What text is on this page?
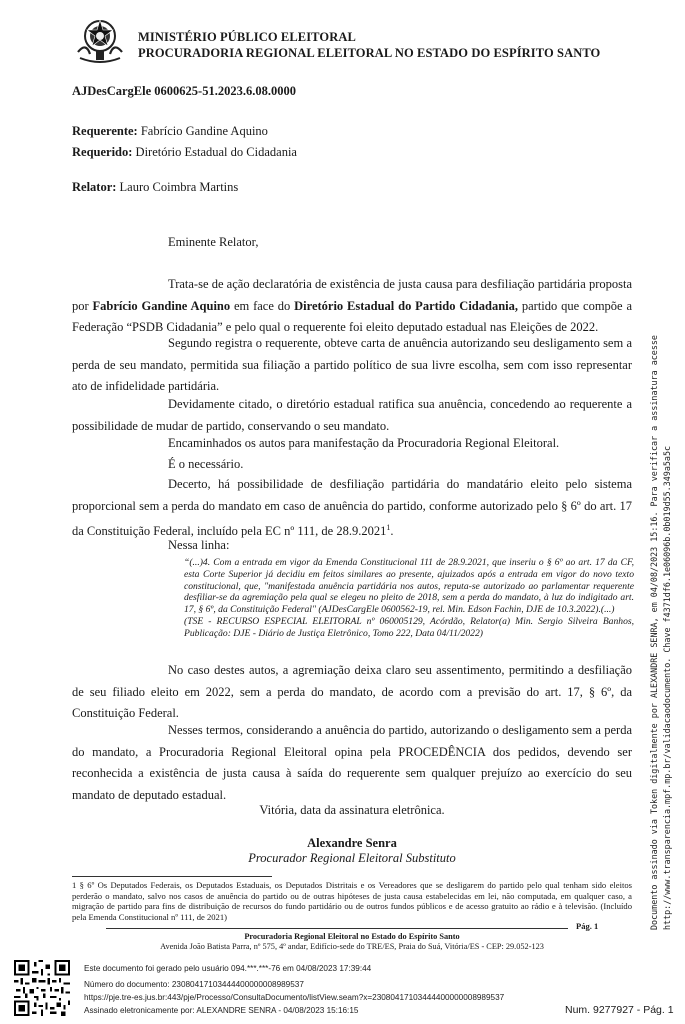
MINISTÉRIO PÚBLICO ELEITORAL
PROCURADORIA REGIONAL ELEITORAL NO ESTADO DO ESPÍRITO SANTO
AJDesCargEle 0600625-51.2023.6.08.0000
Requerente: Fabrício Gandine Aquino
Requerido: Diretório Estadual do Cidadania
Relator: Lauro Coimbra Martins
Eminente Relator,
Trata-se de ação declaratória de existência de justa causa para desfiliação partidária proposta por Fabrício Gandine Aquino em face do Diretório Estadual do Partido Cidadania, partido que compõe a Federação “PSDB Cidadania” e pelo qual o requerente foi eleito deputado estadual nas Eleições de 2022.
Segundo registra o requerente, obteve carta de anuência autorizando seu desligamento sem a perda de seu mandato, permitida sua filiação a partido político de sua livre escolha, sem com isso representar ato de infidelidade partidária.
Devidamente citado, o diretório estadual ratifica sua anuência, concedendo ao requerente a possibilidade de mudar de partido, conservando o seu mandato.
Encaminhados os autos para manifestação da Procuradoria Regional Eleitoral.
É o necessário.
Decerto, há possibilidade de desfiliação partidária do mandatário eleito pelo sistema proporcional sem a perda do mandato em caso de anuência do partido, conforme autorizado pelo § 6º do art. 17 da Constituição Federal, incluído pela EC nº 111, de 28.9.2021$^1$.
Nessa linha:
“(...)4. Com a entrada em vigor da Emenda Constitucional 111 de 28.9.2021, que inseriu o § 6º ao art. 17 da CF, esta Corte Superior já decidiu em feitos similares ao presente, ajuizados após a entrada em vigor do novo texto constitucional, que, "manifestada anuência partidária nos autos, reputa-se autorizado ao parlamentar requerente desfiliar-se da agremiação pela qual se elegeu no pleito de 2018, sem a perda do mandato, à luz do indigitado art. 17, § 6º, da Constituição Federal" (AJDesCargEle 0600562-19, rel. Min. Edson Fachin, DJE de 10.3.2022).(...)
(TSE - RECURSO ESPECIAL ELEITORAL nº 060005129, Acórdão, Relator(a) Min. Sergio Silveira Banhos, Publicação: DJE - Diário de Justiça Eletrônico, Tomo 222, Data 04/11/2022)
No caso destes autos, a agremiação deixa claro seu assentimento, permitindo a desfiliação de seu filiado eleito em 2022, sem a perda do mandato, de acordo com a previsão do art. 17, § 6º, da Constituição Federal.
Nesses termos, considerando a anuência do partido, autorizando o desligamento sem a perda do mandato, a Procuradoria Regional Eleitoral opina pela PROCEDÊNCIA dos pedidos, devendo ser reconhecida a existência de justa causa à saída do requerente sem qualquer prejuízo ao exercício do seu mandato de deputado estadual.
Vitória, data da assinatura eletrônica.
Alexandre Senra
Procurador Regional Eleitoral Substituto
1 § 6º Os Deputados Federais, os Deputados Estaduais, os Deputados Distritais e os Vereadores que se desligarem do partido pelo qual tenham sido eleitos perderão o mandato, salvo nos casos de anuência do partido ou de outras hipóteses de justa causa estabelecidas em lei, não computada, em qualquer caso, a migração de partido para fins de distribuição de recursos do fundo partidário ou de outros fundos públicos e de acesso gratuito ao rádio e à televisão. (Incluído pela Emenda Constitucional nº 111, de 2021)
Pág. 1
Procuradoria Regional Eleitoral no Estado do Espírito Santo
Avenida João Batista Parra, nº 575, 4º andar, Edifício-sede do TRE/ES, Praia do Suá, Vitória/ES - CEP: 29.052-123
Documento assinado via Token digitalmente por ALEXANDRE SENRA, em 04/08/2023 15:16. Para verificar a assinatura acesse http://www.transparencia.mpf.mp.br/validacaodocumento. Chave f4371df6.1e06096b.0b019d55.349a5a5c
Este documento foi gerado pelo usuário 094.***.***-76 em 04/08/2023 17:39:44
Número do documento: 23080417103444400000008989537
https://pje.tre-es.jus.br:443/pje/Processo/ConsultaDocumento/listView.seam?x=23080417103444400000008989537
Assinado eletronicamente por: ALEXANDRE SENRA - 04/08/2023 15:16:15	Num. 9277927 - Pág. 1
